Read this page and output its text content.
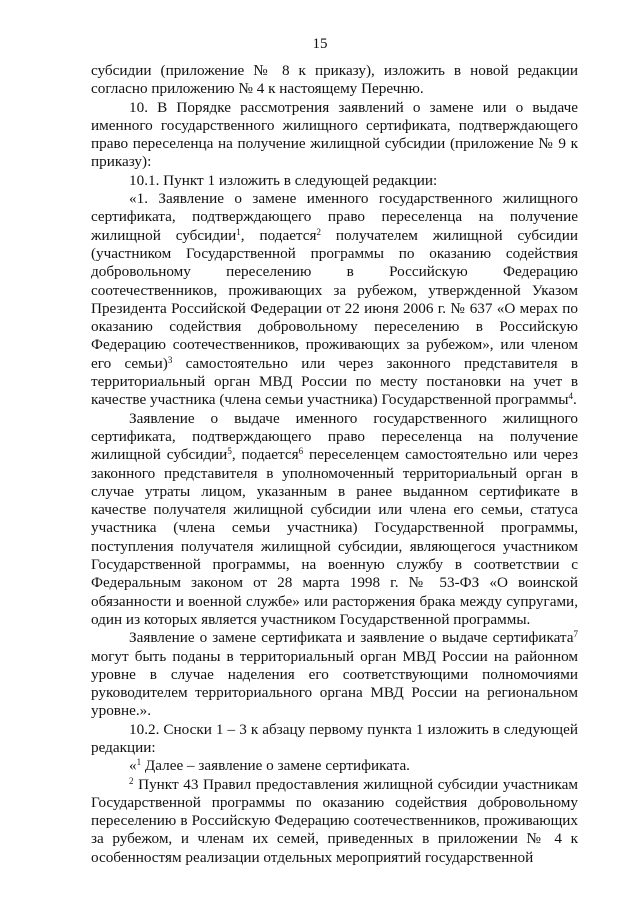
15

субсидии (приложение № 8 к приказу), изложить в новой редакции согласно приложению № 4 к настоящему Перечню.

10. В Порядке рассмотрения заявлений о замене или о выдаче именного государственного жилищного сертификата, подтверждающего право переселенца на получение жилищной субсидии (приложение № 9 к приказу):

10.1. Пункт 1 изложить в следующей редакции:

«1. Заявление о замене именного государственного жилищного сертификата, подтверждающего право переселенца на получение жилищной субсидии$^1$, подается$^2$ получателем жилищной субсидии (участником Государственной программы по оказанию содействия добровольному переселению в Российскую Федерацию соотечественников, проживающих за рубежом, утвержденной Указом Президента Российской Федерации от 22 июня 2006 г. № 637 «О мерах по оказанию содействия добровольному переселению в Российскую Федерацию соотечественников, проживающих за рубежом», или членом его семьи)$^3$ самостоятельно или через законного представителя в территориальный орган МВД России по месту постановки на учет в качестве участника (члена семьи участника) Государственной программы$^4$.

Заявление о выдаче именного государственного жилищного сертификата, подтверждающего право переселенца на получение жилищной субсидии$^5$, подается$^6$ переселенцем самостоятельно или через законного представителя в уполномоченный территориальный орган в случае утраты лицом, указанным в ранее выданном сертификате в качестве получателя жилищной субсидии или члена его семьи, статуса участника (члена семьи участника) Государственной программы, поступления получателя жилищной субсидии, являющегося участником Государственной программы, на военную службу в соответствии с Федеральным законом от 28 марта 1998 г. № 53-ФЗ «О воинской обязанности и военной службе» или расторжения брака между супругами, один из которых является участником Государственной программы.

Заявление о замене сертификата и заявление о выдаче сертификата$^7$ могут быть поданы в территориальный орган МВД России на районном уровне в случае наделения его соответствующими полномочиями руководителем территориального органа МВД России на региональном уровне.».

10.2. Сноски 1 – 3 к абзацу первому пункта 1 изложить в следующей редакции:

«$^1$ Далее – заявление о замене сертификата.

$^2$ Пункт 43 Правил предоставления жилищной субсидии участникам Государственной программы по оказанию содействия добровольному переселению в Российскую Федерацию соотечественников, проживающих за рубежом, и членам их семей, приведенных в приложении № 4 к особенностям реализации отдельных мероприятий государственной
